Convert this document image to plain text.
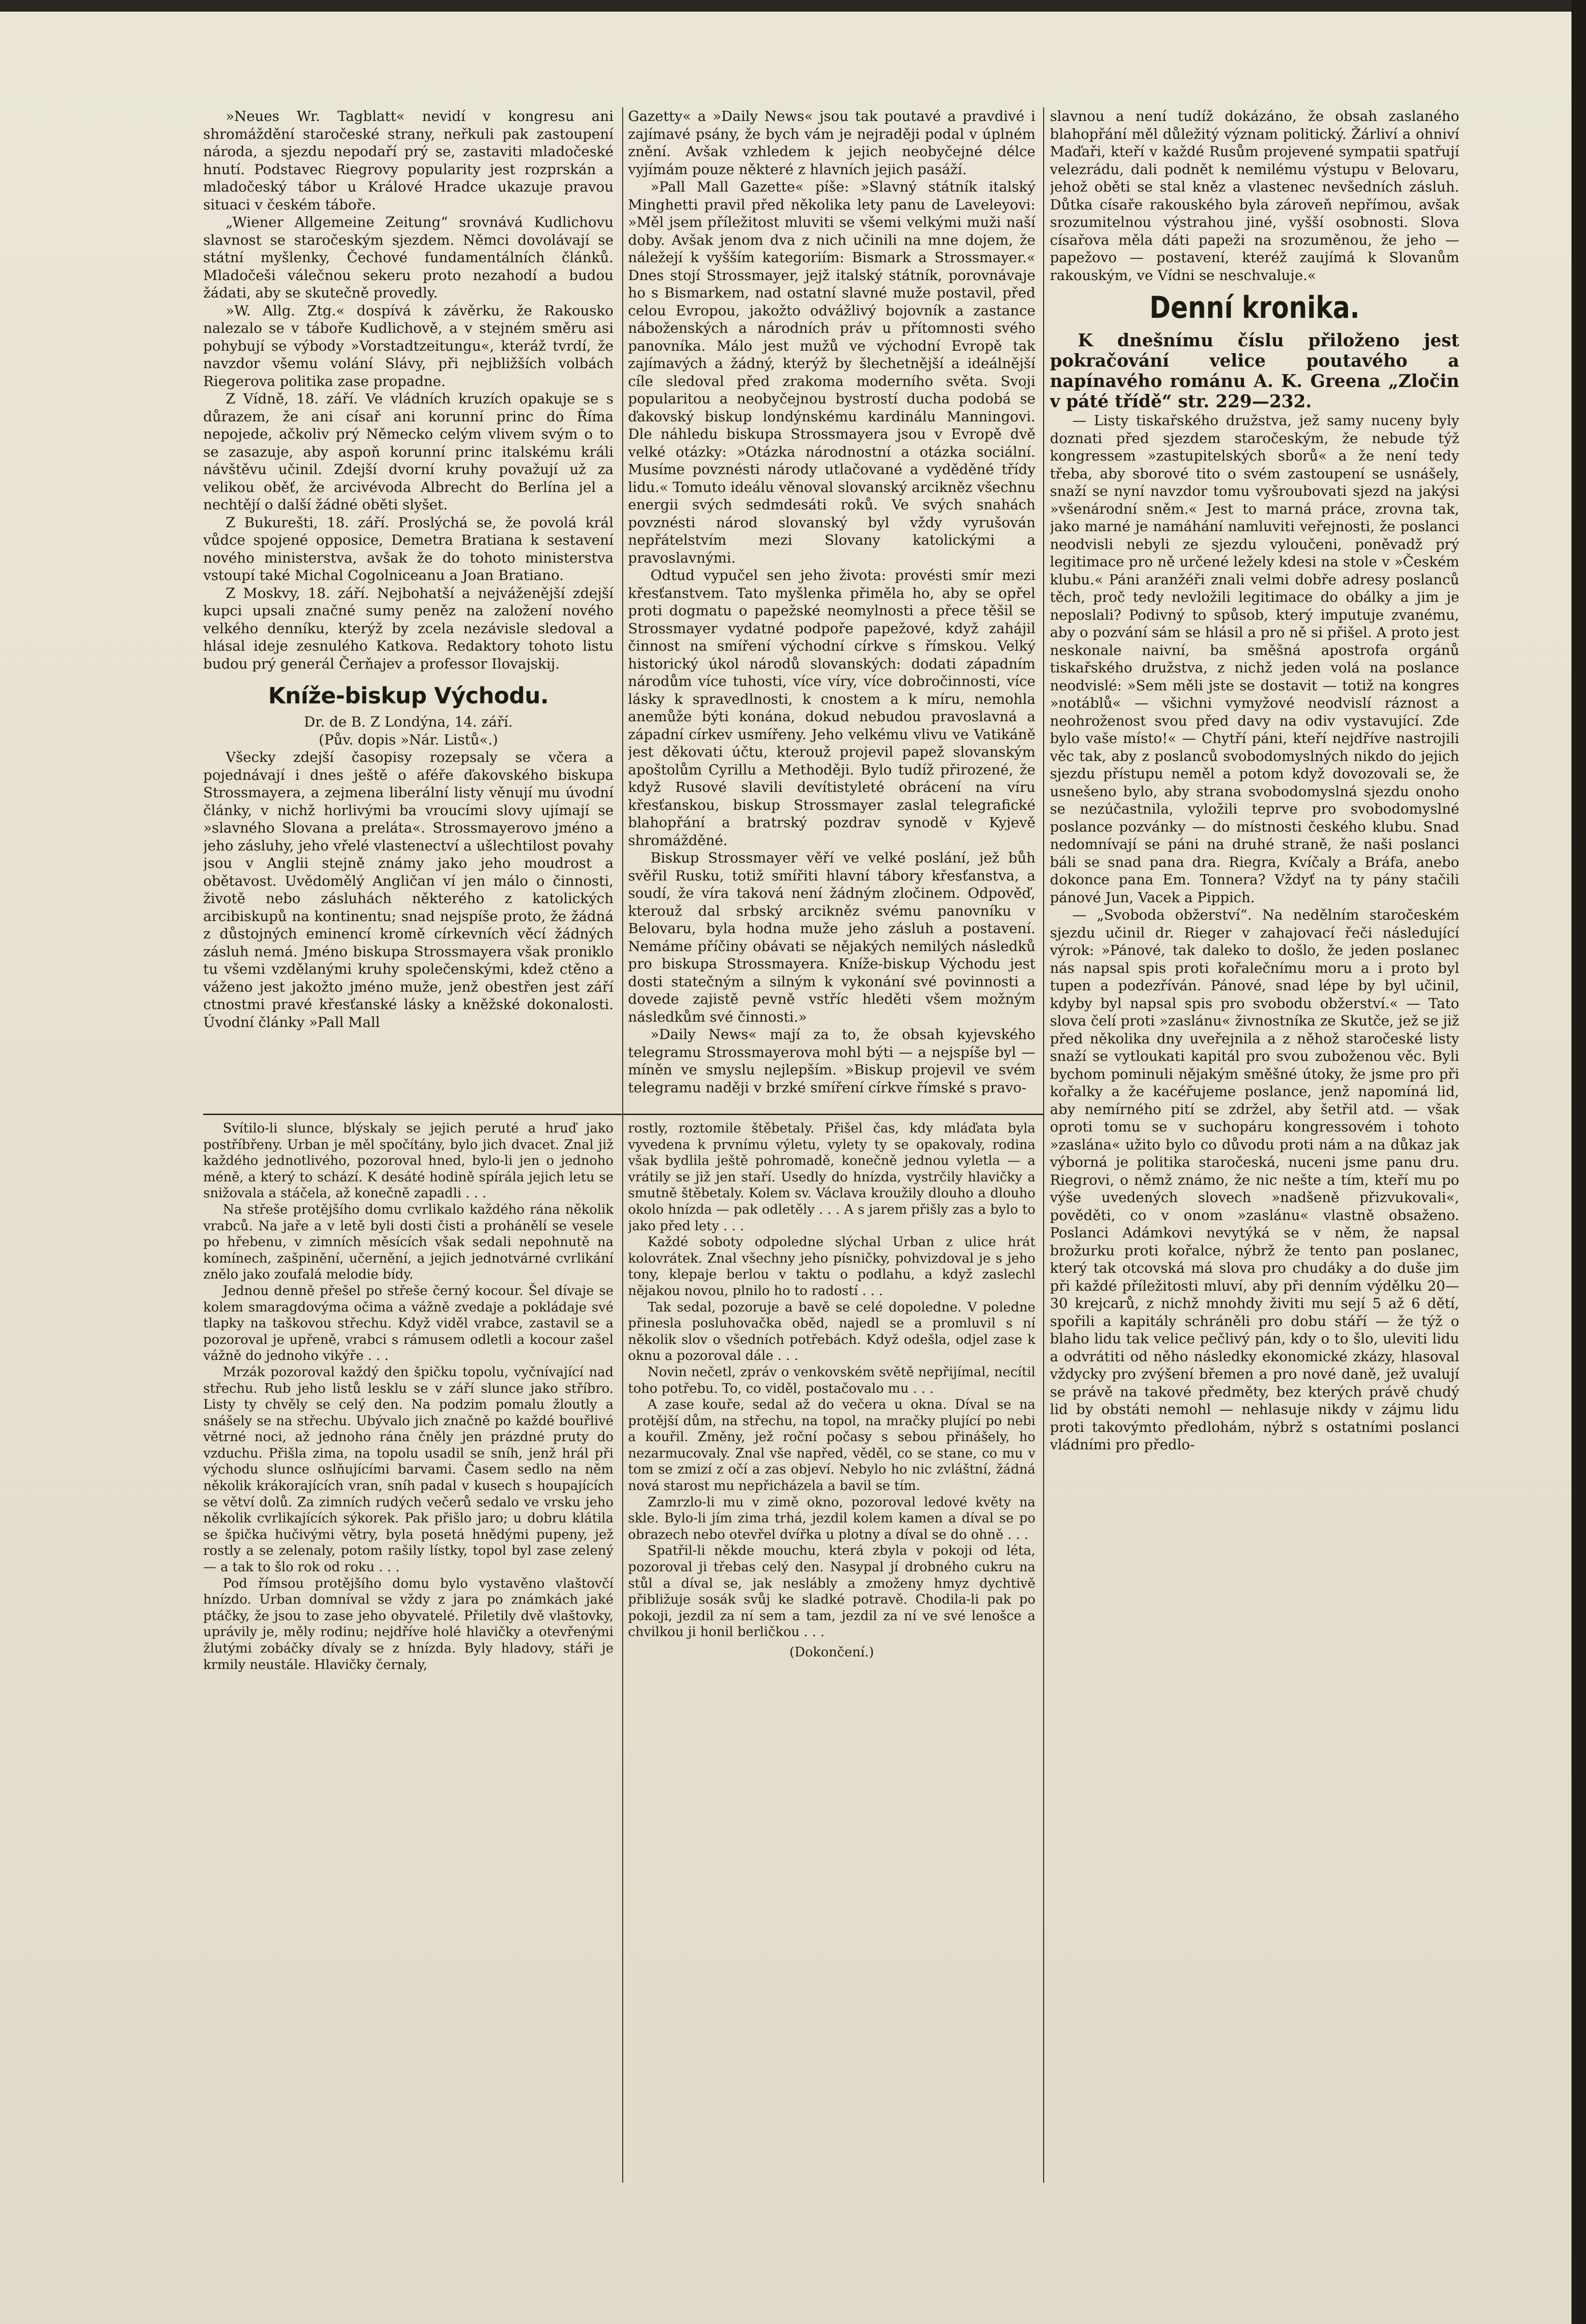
»Neues Wr. Tagblatt« nevidí v kongresu ani shromáždění staročeské strany, neřkuli pak zastoupení národa, a sjezdu nepodaří prý se, zastaviti mladočeské hnutí. Podstavec Riegrovy popularity jest rozprskán a mladočeský tábor u Králové Hradce ukazuje pravou situaci v českém táboře.

„Wiener Allgemeine Zeitung“ srovnává Kudlichovu slavnost se staročeským sjezdem. Němci dovolávají se státní myšlenky, Čechové fundamentálních článků. Mladočeši válečnou sekeru proto nezahodí a budou žádati, aby se skutečně provedly.

»W. Allg. Ztg.« dospívá k závěrku, že Rakousko nalezalo se v táboře Kudlichově, a v stejném směru asi pohybují se výbody »Vorstadtzeitungu«, kteráž tvrdí, že navzdor všemu volání Slávy, při nejbližších volbách Riegerova politika zase propadne.

Z Vídně, 18. září. Ve vládních kruzích opakuje se s důrazem, že ani císař ani korunní princ do Říma nepojede, ačkoliv prý Německo celým vlivem svým o to se zasazuje, aby aspoň korunní princ italskému králi návštěvu učinil. Zdejší dvorní kruhy považují už za velikou oběť, že arcivévoda Albrecht do Berlína jel a nechtějí o další žádné oběti slyšet.

Z Bukurešti, 18. září. Proslýchá se, že povolá král vůdce spojené opposice, Demetra Bratiana k sestavení nového ministerstva, avšak že do tohoto ministerstva vstoupí také Michal Cogolniceanu a Joan Bratiano.

Z Moskvy, 18. září. Nejbohatší a nejváženější zdejší kupci upsali značné sumy peněz na založení nového velkého denníku, kterýž by zcela nezávisle sledoval a hlásal ideje zesnulého Katkova. Redaktory tohoto listu budou prý generál Čerňajev a professor Ilovajskij.

Kníže-biskup Východu.
Dr. de B. Z Londýna, 14. září.
(Pův. dopis »Nár. Listů«.)

Všecky zdejší časopisy rozepsaly se včera a pojednávají i dnes ještě o aféře ďakovského biskupa Strossmayera, a zejmena liberální listy věnují mu úvodní články, v nichž horlivými ba vroucími slovy ujímají se »slavného Slovana a preláta«. Strossmayerovo jméno a jeho zásluhy, jeho vřelé vlastenectví a ušlechtilost povahy jsou v Anglii stejně známy jako jeho moudrost a obětavost. Uvědomělý Angličan ví jen málo o činnosti, životě nebo zásluhách některého z katolických arcibiskupů na kontinentu; snad nejspíše proto, že žádná z důstojných eminencí kromě církevních věcí žádných zásluh nemá. Jméno biskupa Strossmayera však proniklo tu všemi vzdělanými kruhy společenskými, kdež ctěno a váženo jest jakožto jméno muže, jenž obestřen jest září ctnostmi pravé křesťanské lásky a kněžské dokonalosti. Úvodní články »Pall Mall

Gazetty« a »Daily News« jsou tak poutavé a pravdivé i zajímavé psány, že bych vám je nejraději podal v úplném znění. Avšak vzhledem k jejich neobyčejné délce vyjímám pouze některé z hlavních jejich pasáží.

»Pall Mall Gazette« píše: »Slavný státník italský Minghetti pravil před několika lety panu de Laveleyovi: »Měl jsem příležitost mluviti se všemi velkými muži naší doby. Avšak jenom dva z nich učinili na mne dojem, že náležejí k vyšším kategoriím: Bismark a Strossmayer.« Dnes stojí Strossmayer, jejž italský státník, porovnávaje ho s Bismarkem, nad ostatní slavné muže postavil, před celou Evropou, jakožto odvážlivý bojovník a zastance náboženských a národních práv u přítomnosti svého panovníka. Málo jest mužů ve východní Evropě tak zajímavých a žádný, kterýž by šlechetnější a ideálnější cíle sledoval před zrakoma moderního světa. Svoji popularitou a neobyčejnou bystrostí ducha podobá se ďakovský biskup londýnskému kardinálu Manningovi. Dle náhledu biskupa Strossmayera jsou v Evropě dvě velké otázky: »Otázka národnostní a otázka sociální. Musíme povznésti národy utlačované a vyděděné třídy lidu.« Tomuto ideálu věnoval slovanský arcikněz všechnu energii svých sedmdesáti roků. Ve svých snahách povznésti národ slovanský byl vždy vyrušován nepřátelstvím mezi Slovany katolickými a pravoslavnými.

Odtud vypučel sen jeho života: provésti smír mezi křesťanstvem. Tato myšlenka přiměla ho, aby se opřel proti dogmatu o papežské neomylnosti a přece těšil se Strossmayer vydatné podpoře papežové, když zahájil činnost na smíření východní církve s římskou. Velký historický úkol národů slovanských: dodati západním národům více tuhosti, více víry, více dobročinnosti, více lásky k spravedlnosti, k cnostem a k míru, nemohla anemůže býti konána, dokud nebudou pravoslavná a západní církev usmířeny. Jeho velkému vlivu ve Vatikáně jest děkovati účtu, kterouž projevil papež slovanským apoštolům Cyrillu a Methoději. Bylo tudíž přirozené, že když Rusové slavili devítistyleté obrácení na víru křesťanskou, biskup Strossmayer zaslal telegrafické blahopřání a bratrský pozdrav synodě v Kyjevě shromážděné.

Biskup Strossmayer věří ve velké poslání, jež bůh svěřil Rusku, totiž smířiti hlavní tábory křesťanstva, a soudí, že víra taková není žádným zločinem. Odpověď, kterouž dal srbský arcikněz svému panovníku v Belovaru, byla hodna muže jeho zásluh a postavení. Nemáme příčiny obávati se nějakých nemilých následků pro biskupa Strossmayera. Kníže-biskup Východu jest dosti statečným a silným k vykonání své povinnosti a dovede zajistě pevně vstříc hleděti všem možným následkům své činnosti.»

»Daily News« mají za to, že obsah kyjevského telegramu Strossmayerova mohl býti — a nejspíše byl — míněn ve smyslu nejlepším. »Biskup projevil ve svém telegramu naději v brzké smíření církve římské s pravo-

Svítilo-li slunce, blýskaly se jejich peruté a hruď jako postříbřeny. Urban je měl spočítány, bylo jich dvacet. Znal již každého jednotlivého, pozoroval hned, bylo-li jen o jednoho méně, a který to schází. K desáté hodině spírála jejich letu se snižovala a stáčela, až konečně zapadli . . .

Na střeše protějšího domu cvrlikalo každého rána několik vrabců. Na jaře a v letě byli dosti čisti a prohánělí se vesele po hřebenu, v zimních měsících však sedali nepohnutě na komínech, zašpinění, učernění, a jejich jednotvárné cvrlikání znělo jako zoufalá melodie bídy.

Jednou denně přešel po střeše černý kocour. Šel dívaje se kolem smaragdovýma očima a vážně zvedaje a pokládaje své tlapky na taškovou střechu. Když viděl vrabce, zastavil se a pozoroval je upřeně, vrabci s rámusem odletli a kocour zašel vážně do jednoho vikýře . . .

Mrzák pozoroval každý den špičku topolu, vyčnívající nad střechu. Rub jeho listů lesklu se v září slunce jako stříbro. Listy ty chvěly se celý den. Na podzim pomalu žloutly a snášely se na střechu. Ubývalo jich značně po každé bouřlivé větrné noci, až jednoho rána čněly jen prázdné pruty do vzduchu. Přišla zima, na topolu usadil se sníh, jenž hrál při východu slunce oslňujícími barvami. Časem sedlo na něm několik krákorajících vran, sníh padal v kusech s houpajících se větví dolů. Za zimních rudých večerů sedalo ve vrsku jeho několik cvrlikajících sýkorek. Pak přišlo jaro; u dobru klátila se špička hučivými větry, byla posetá hnědými pupeny, jež rostly a se zelenaly, potom rašily lístky, topol byl zase zelený — a tak to šlo rok od roku . . .

Pod římsou protějšího domu bylo vystavěno vlaštovčí hnízdo. Urban domníval se vždy z jara po známkách jaké ptáčky, že jsou to zase jeho obyvatelé. Přiletily dvě vlaštovky, uprávily je, měly rodinu; nejdříve holé hlavičky a otevřenými žlutými zobáčky dívaly se z hnízda. Byly hladovy, stáři je krmily neustále. Hlavičky černaly,

rostly, roztomile štěbetaly. Přišel čas, kdy mláďata byla vyvedena k prvnímu výletu, vylety ty se opakovaly, rodina však bydlila ještě pohromadě, konečně jednou vyletla — a vrátily se již jen staří. Usedly do hnízda, vystrčily hlavičky a smutně štěbetaly. Kolem sv. Václava kroužily dlouho a dlouho okolo hnízda — pak odletěly . . . A s jarem přišly zas a bylo to jako před lety . . .

Každé soboty odpoledne slýchal Urban z ulice hrát kolovrátek. Znal všechny jeho písničky, pohvizdoval je s jeho tony, klepaje berlou v taktu o podlahu, a když zaslechl nějakou novou, plnilo ho to radostí . . .

Tak sedal, pozoruje a bavě se celé dopoledne. V poledne přinesla posluhovačka oběd, najedl se a promluvil s ní několik slov o všedních potřebách. Když odešla, odjel zase k oknu a pozoroval dále . . .

Novin nečetl, zpráv o venkovském světě nepřijímal, necítil toho potřebu. To, co viděl, postačovalo mu . . .

A zase kouře, sedal až do večera u okna. Díval se na protější dům, na střechu, na topol, na mračky plující po nebi a kouřil. Změny, jež roční počasy s sebou přinášely, ho nezarmucovaly. Znal vše napřed, věděl, co se stane, co mu v tom se zmizí z očí a zas objeví. Nebylo ho nic zvláštní, žádná nová starost mu nepřicházela a bavil se tím.

Zamrzlo-li mu v zimě okno, pozoroval ledové květy na skle. Bylo-li jím zima trhá, jezdil kolem kamen a díval se po obrazech nebo otevřel dvířka u plotny a díval se do ohně . . .

Spatřil-li někde mouchu, která zbyla v pokoji od léta, pozoroval ji třebas celý den. Nasypal jí drobného cukru na stůl a díval se, jak neslábly a zmoženy hmyz dychtivě přibližuje sosák svůj ke sladké potravě. Chodila-li pak po pokoji, jezdil za ní sem a tam, jezdil za ní ve své lenošce a chvilkou ji honil berličkou . . .

(Dokončení.)

slavnou a není tudíž dokázáno, že obsah zaslaného blahopřání měl důležitý význam politický. Žárliví a ohniví Maďaři, kteří v každé Rusům projevené sympatii spatřují velezrádu, dali podnět k nemilému výstupu v Belovaru, jehož oběti se stal kněz a vlastenec nevšedních zásluh. Důtka císaře rakouského byla zároveň nepřímou, avšak srozumitelnou výstrahou jiné, vyšší osobnosti. Slova císařova měla dáti papeži na srozuměnou, že jeho — papežovo — postavení, kteréž zaujímá k Slovanům rakouským, ve Vídni se neschvaluje.«

Denní kronika.

K dnešnímu číslu přiloženo jest pokračování velice poutavého a napínavého románu A. K. Greena „Zločin v páté třídě“ str. 229—232.

— Listy tiskařského družstva, jež samy nuceny byly doznati před sjezdem staročeským, že nebude týž kongressem »zastupitelských sborů« a že není tedy třeba, aby sborové tito o svém zastoupení se usnášely, snaží se nyní navzdor tomu vyšroubovati sjezd na jakýsi »všenárodní sněm.« Jest to marná práce, zrovna tak, jako marné je namáhání namluviti veřejnosti, že poslanci neodvisli nebyli ze sjezdu vyloučeni, poněvadž prý legitimace pro ně určené ležely kdesi na stole v »Českém klubu.« Páni aranžéři znali velmi dobře adresy poslanců těch, proč tedy nevložili legitimace do obálky a jim je neposlali? Podivný to spůsob, který imputuje zvanému, aby o pozvání sám se hlásil a pro ně si přišel. A proto jest neskonale naivní, ba směšná apostrofa orgánů tiskařského družstva, z nichž jeden volá na poslance neodvislé: »Sem měli jste se dostavit — totiž na kongres »notáblů« — všichni vymyžové neodvislí ráznost a neohroženost svou před davy na odiv vystavující. Zde bylo vaše místo!« — Chytří páni, kteří nejdříve nastrojili věc tak, aby z poslanců svobodomyslných nikdo do jejich sjezdu přístupu neměl a potom když dovozovali se, že usnešeno bylo, aby strana svobodomyslná sjezdu onoho se nezúčastnila, vyložili teprve pro svobodomyslné poslance pozvánky — do místnosti českého klubu. Snad nedomnívají se páni na druhé straně, že naši poslanci báli se snad pana dra. Riegra, Kvíčaly a Bráfa, anebo dokonce pana Em. Tonnera? Vždyť na ty pány stačili pánové Jun, Vacek a Pippich.

— „Svoboda obžerství“. Na nedělním staročeském sjezdu učinil dr. Rieger v zahajovací řeči následující výrok: »Pánové, tak daleko to došlo, že jeden poslanec nás napsal spis proti kořalečnímu moru a i proto byl tupen a podezříván. Pánové, snad lépe by byl učinil, kdyby byl napsal spis pro svobodu obžerství.« — Tato slova čelí proti »zaslánu« živnostníka ze Skutče, jež se již před několika dny uveřejnila a z něhož staročeské listy snaží se vytloukati kapitál pro svou zuboženou věc. Byli bychom pominuli nějakým směšné útoky, že jsme pro při kořalky a že kacéřujeme poslance, jenž napomíná lid, aby nemírného pití se zdržel, aby šetřil atd. — však oproti tomu se v suchopáru kongressovém i tohoto »zaslána« užito bylo co důvodu proti nám a na důkaz jak výborná je politika staročeská, nuceni jsme panu dru. Riegrovi, o němž známo, že nic nešte a tím, kteří mu po výše uvedených slovech »nadšeně přizvukovali«, pověděti, co v onom »zaslánu« vlastně obsaženo. Poslanci Adámkovi nevytýká se v něm, že napsal brožurku proti kořalce, nýbrž že tento pan poslanec, který tak otcovská má slova pro chudáky a do duše jim při každé příležitosti mluví, aby při denním výdělku 20—30 krejcarů, z nichž mnohdy živiti mu sejí 5 až 6 dětí, spořili a kapitály schráněli pro dobu stáří — že týž o blaho lidu tak velice pečlivý pán, kdy o to šlo, uleviti lidu a odvrátiti od něho následky ekonomické zkázy, hlasoval vždycky pro zvýšení břemen a pro nové daně, jež uvalují se právě na takové předměty, bez kterých právě chudý lid by obstáti nemohl — nehlasuje nikdy v zájmu lidu proti takovýmto předlohám, nýbrž s ostatními poslanci vládními pro předlo-
